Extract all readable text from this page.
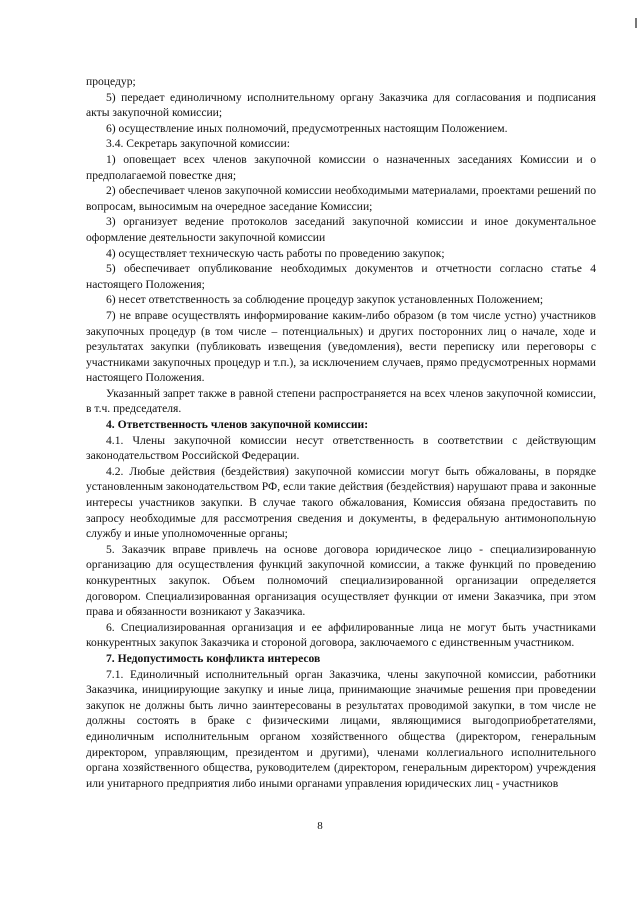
процедур;

5) передает единоличному исполнительному органу Заказчика для согласования и подписания акты закупочной комиссии;

6) осуществление иных полномочий, предусмотренных настоящим Положением.

3.4. Секретарь закупочной комиссии:

1) оповещает всех членов закупочной комиссии о назначенных заседаниях Комиссии и о предполагаемой повестке дня;

2) обеспечивает членов закупочной комиссии необходимыми материалами, проектами решений по вопросам, выносимым на очередное заседание Комиссии;

3) организует ведение протоколов заседаний закупочной комиссии и иное документальное оформление деятельности закупочной комиссии

4) осуществляет техническую часть работы по проведению закупок;

5) обеспечивает опубликование необходимых документов и отчетности согласно статье 4 настоящего Положения;

6) несет ответственность за соблюдение процедур закупок установленных Положением;

7) не вправе осуществлять информирование каким-либо образом (в том числе устно) участников закупочных процедур (в том числе – потенциальных) и других посторонних лиц о начале, ходе и результатах закупки (публиковать извещения (уведомления), вести переписку или переговоры с участниками закупочных процедур и т.п.), за исключением случаев, прямо предусмотренных нормами настоящего Положения.

Указанный запрет также в равной степени распространяется на всех членов закупочной комиссии, в т.ч. председателя.

4. Ответственность членов закупочной комиссии:

4.1. Члены закупочной комиссии несут ответственность в соответствии с действующим законодательством Российской Федерации.

4.2. Любые действия (бездействия) закупочной комиссии могут быть обжалованы, в порядке установленным законодательством РФ, если такие действия (бездействия) нарушают права и законные интересы участников закупки. В случае такого обжалования, Комиссия обязана предоставить по запросу необходимые для рассмотрения сведения и документы, в федеральную антимонопольную службу и иные уполномоченные органы;

5. Заказчик вправе привлечь на основе договора юридическое лицо - специализированную организацию для осуществления функций закупочной комиссии, а также функций по проведению конкурентных закупок. Объем полномочий специализированной организации определяется договором. Специализированная организация осуществляет функции от имени Заказчика, при этом права и обязанности возникают у Заказчика.

6. Специализированная организация и ее аффилированные лица не могут быть участниками конкурентных закупок Заказчика и стороной договора, заключаемого с единственным участником.

7. Недопустимость конфликта интересов

7.1. Единоличный исполнительный орган Заказчика, члены закупочной комиссии, работники Заказчика, инициирующие закупку и иные лица, принимающие значимые решения при проведении закупок не должны быть лично заинтересованы в результатах проводимой закупки, в том числе не должны состоять в браке с физическими лицами, являющимися выгодоприобретателями, единоличным исполнительным органом хозяйственного общества (директором, генеральным директором, управляющим, президентом и другими), членами коллегиального исполнительного органа хозяйственного общества, руководителем (директором, генеральным директором) учреждения или унитарного предприятия либо иными органами управления юридических лиц - участников

8
